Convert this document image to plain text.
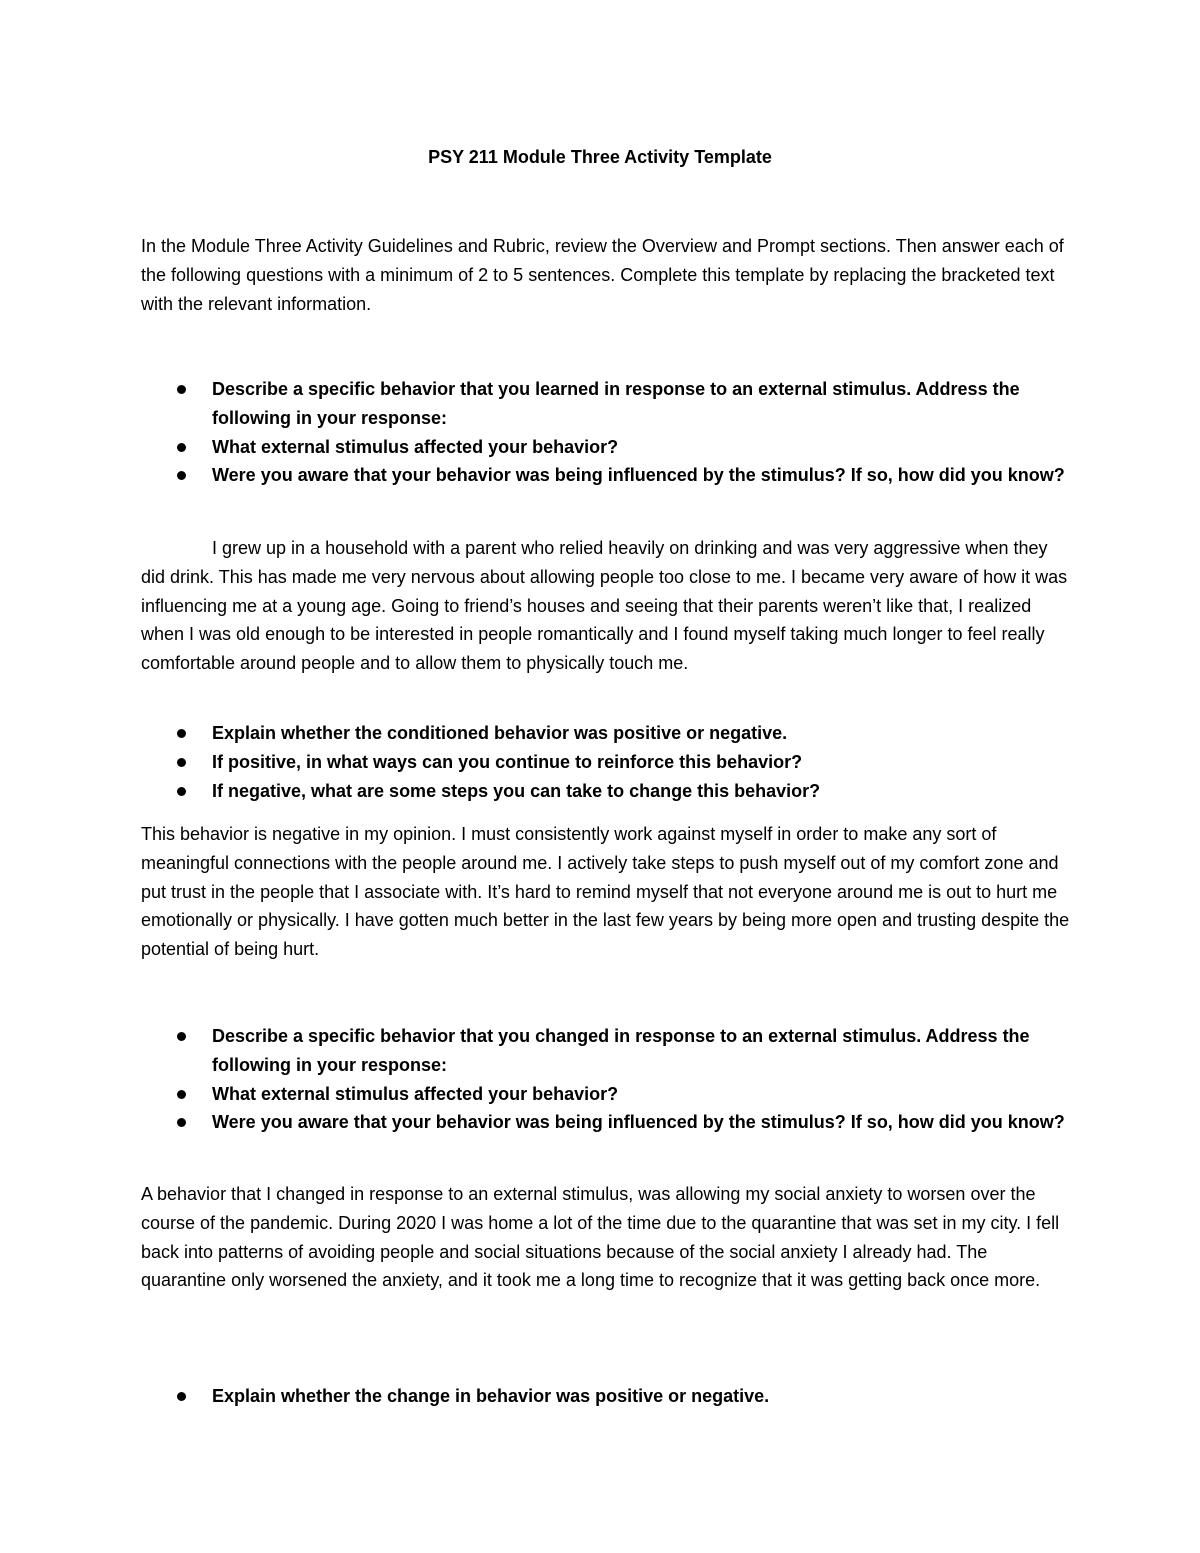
PSY 211 Module Three Activity Template

In the Module Three Activity Guidelines and Rubric, review the Overview and Prompt sections. Then answer each of the following questions with a minimum of 2 to 5 sentences. Complete this template by replacing the bracketed text with the relevant information.

Describe a specific behavior that you learned in response to an external stimulus. Address the following in your response:
What external stimulus affected your behavior?
Were you aware that your behavior was being influenced by the stimulus? If so, how did you know?

I grew up in a household with a parent who relied heavily on drinking and was very aggressive when they did drink. This has made me very nervous about allowing people too close to me. I became very aware of how it was influencing me at a young age. Going to friend’s houses and seeing that their parents weren’t like that, I realized when I was old enough to be interested in people romantically and I found myself taking much longer to feel really comfortable around people and to allow them to physically touch me.

Explain whether the conditioned behavior was positive or negative.
If positive, in what ways can you continue to reinforce this behavior?
If negative, what are some steps you can take to change this behavior?

This behavior is negative in my opinion. I must consistently work against myself in order to make any sort of meaningful connections with the people around me. I actively take steps to push myself out of my comfort zone and put trust in the people that I associate with. It’s hard to remind myself that not everyone around me is out to hurt me emotionally or physically. I have gotten much better in the last few years by being more open and trusting despite the potential of being hurt.

Describe a specific behavior that you changed in response to an external stimulus. Address the following in your response:
What external stimulus affected your behavior?
Were you aware that your behavior was being influenced by the stimulus? If so, how did you know?

A behavior that I changed in response to an external stimulus, was allowing my social anxiety to worsen over the course of the pandemic. During 2020 I was home a lot of the time due to the quarantine that was set in my city. I fell back into patterns of avoiding people and social situations because of the social anxiety I already had. The quarantine only worsened the anxiety, and it took me a long time to recognize that it was getting back once more.

Explain whether the change in behavior was positive or negative.
